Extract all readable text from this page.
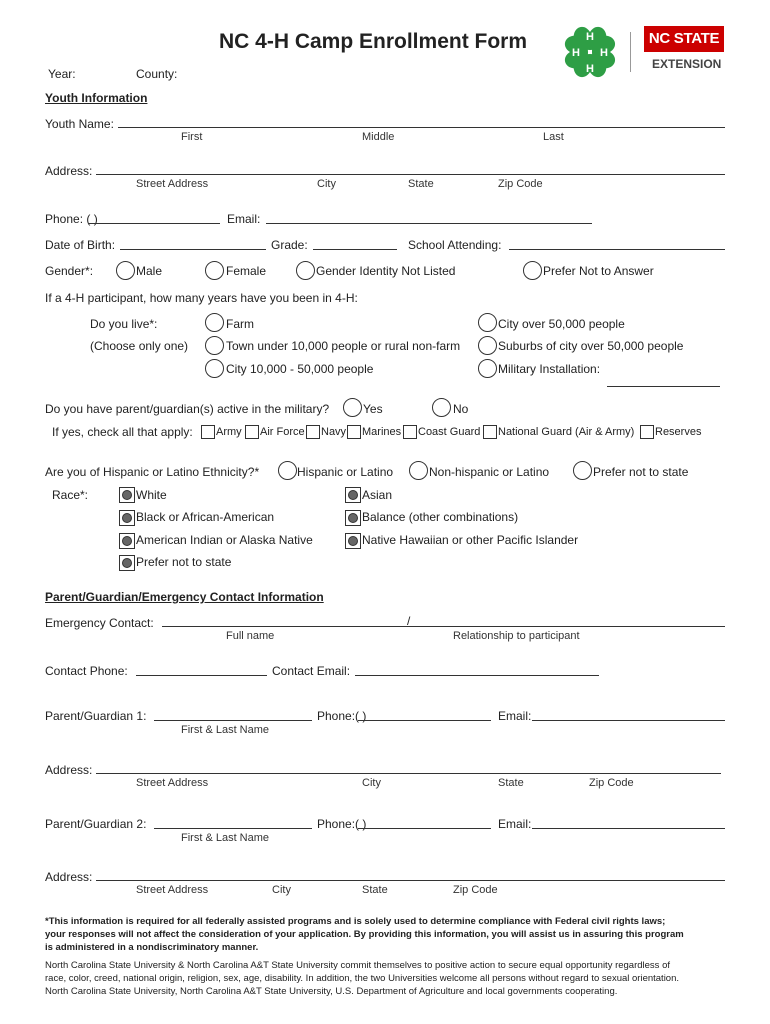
NC 4-H Camp Enrollment Form	H
H
H
H
NC STATE
EXTENSION
Year:	County:
Youth Information
Youth Name:
First	Middle	Last
Address:
Street Address	City	State	Zip Code
Phone: ( )	Email:
Date of Birth:	Grade:	School Attending:
Gender*:	Male	Female	Gender Identity Not Listed	Prefer Not to Answer
If a 4-H participant, how many years have you been in 4-H:
Do you live*:
(Choose only one)
Farm
Town under 10,000 people or rural non-farm
City 10,000 - 50,000 people
City over 50,000 people
Suburbs of city over 50,000 people
Military Installation:
Do you have parent/guardian(s) active in the military?	Yes	No
If yes, check all that apply: Army Air Force Navy Marines Coast Guard National Guard (Air & Army) Reserves
Are you of Hispanic or Latino Ethnicity?*	Hispanic or Latino	Non-hispanic or Latino	Prefer not to state
Race*:	White
Black or African-American
American Indian or Alaska Native
Prefer not to state
Asian
Balance (other combinations)
Native Hawaiian or other Pacific Islander
Parent/Guardian/Emergency Contact Information
Emergency Contact:	/
Full name	Relationship to participant
Contact Phone:	Contact Email:
Parent/Guardian 1:
First & Last Name
Phone:( )	Email:
Address:
Street Address	City	State	Zip Code
Parent/Guardian 2:
First & Last Name
Phone:( )	Email:
Address:
Street Address	City	State	Zip Code
*This information is required for all federally assisted programs and is solely used to determine compliance with Federal civil rights laws;
your responses will not affect the consideration of your application. By providing this information, you will assist us in assuring this program
is administered in a nondiscriminatory manner.
North Carolina State University & North Carolina A&T State University commit themselves to positive action to secure equal opportunity regardless of
race, color, creed, national origin, religion, sex, age, disability. In addition, the two Universities welcome all persons without regard to sexual orientation.
North Carolina State University, North Carolina A&T State University, U.S. Department of Agriculture and local governments cooperating.
